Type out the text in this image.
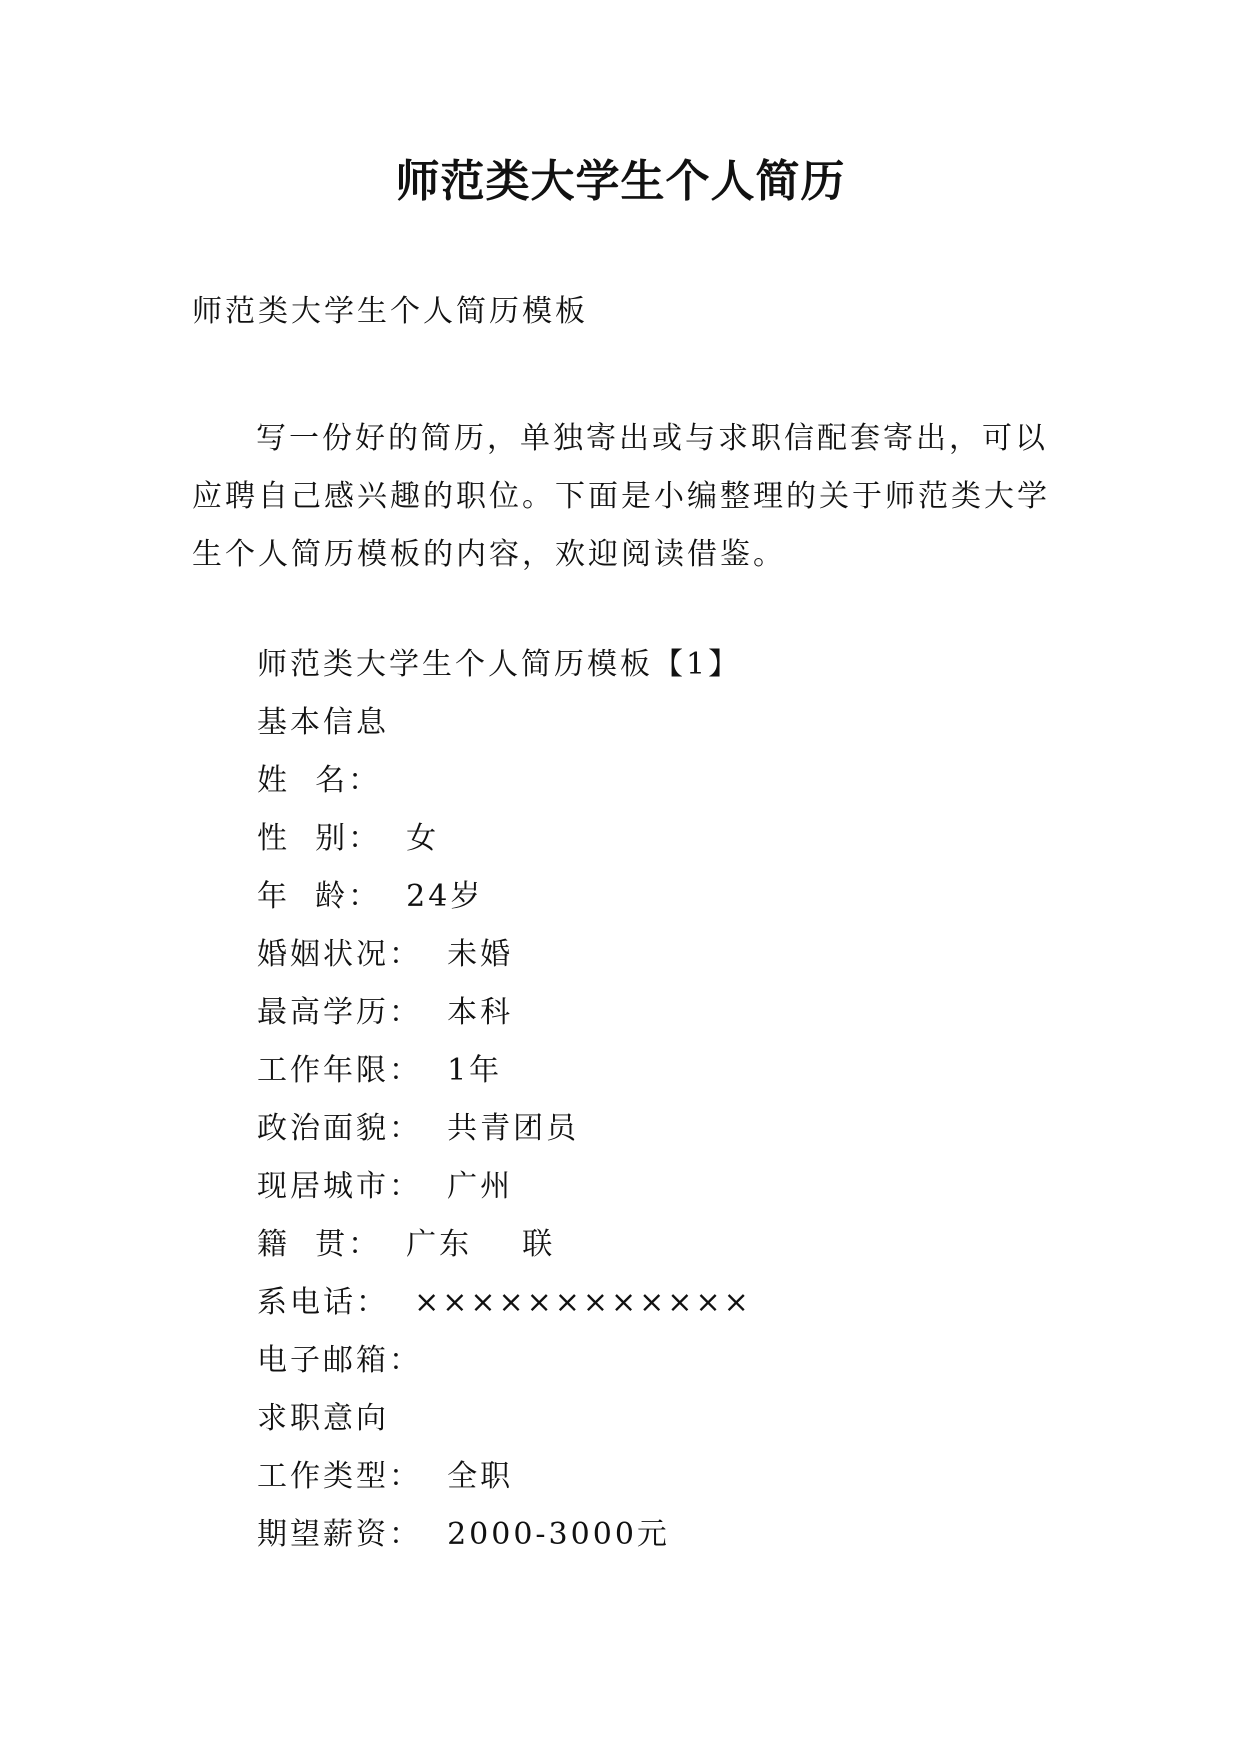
师范类大学生个人简历
师范类大学生个人简历模板

写一份好的简历，单独寄出或与求职信配套寄出，可以应聘自己感兴趣的职位。下面是小编整理的关于师范类大学生个人简历模板的内容，欢迎阅读借鉴。

师范类大学生个人简历模板【1】
基本信息
姓  名：
性  别：  女
年  龄：  24岁
婚姻状况：  未婚
最高学历：  本科
工作年限：  1年
政治面貌：  共青团员
现居城市：  广州
籍  贯：  广东    联
系电话：  ××××××××××××
电子邮箱：
求职意向
工作类型：  全职
期望薪资：  2000-3000元
